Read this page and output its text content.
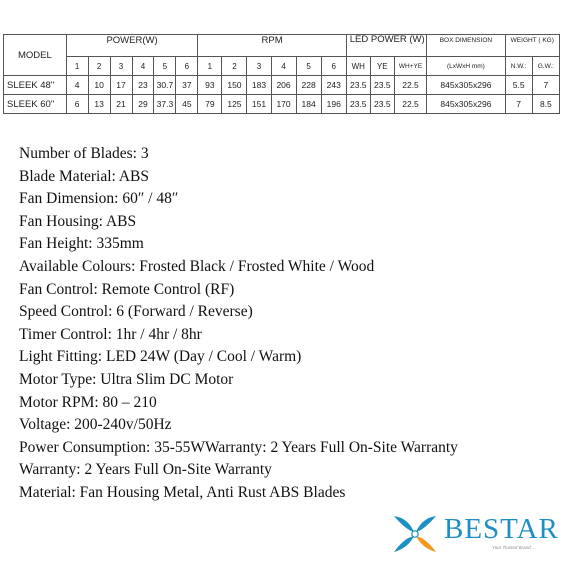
MODEL	POWER(W)						RPM						LED POWER (W)			BOX DIMENSION	WEIGHT ( KG)	
	1	2	3	4	5	6	1	2	3	4	5	6	WH	YE	WH+YE	(LxWxH mm)	N.W.:	G.W.:
SLEEK 48"	4	10	17	23	30.7	37	93	150	183	206	228	243	23.5	23.5	22.5	845x305x296	5.5	7
SLEEK 60"	6	13	21	29	37.3	45	79	125	151	170	184	196	23.5	23.5	22.5	845x305x296	7	8.5
Number of Blades: 3
Blade Material: ABS
Fan Dimension: 60″ / 48″
Fan Housing: ABS
Fan Height: 335mm
Available Colours: Frosted Black / Frosted White / Wood
Fan Control: Remote Control (RF)
Speed Control: 6 (Forward / Reverse)
Timer Control: 1hr / 4hr / 8hr
Light Fitting: LED 24W (Day / Cool / Warm)
Motor Type: Ultra Slim DC Motor
Motor RPM: 80 – 210
Voltage: 200-240v/50Hz
Power Consumption: 35-55WWarranty: 2 Years Full On-Site Warranty
Warranty: 2 Years Full On-Site Warranty
Material: Fan Housing Metal, Anti Rust ABS Blades
BESTAR
Your Trusted Brand ...
